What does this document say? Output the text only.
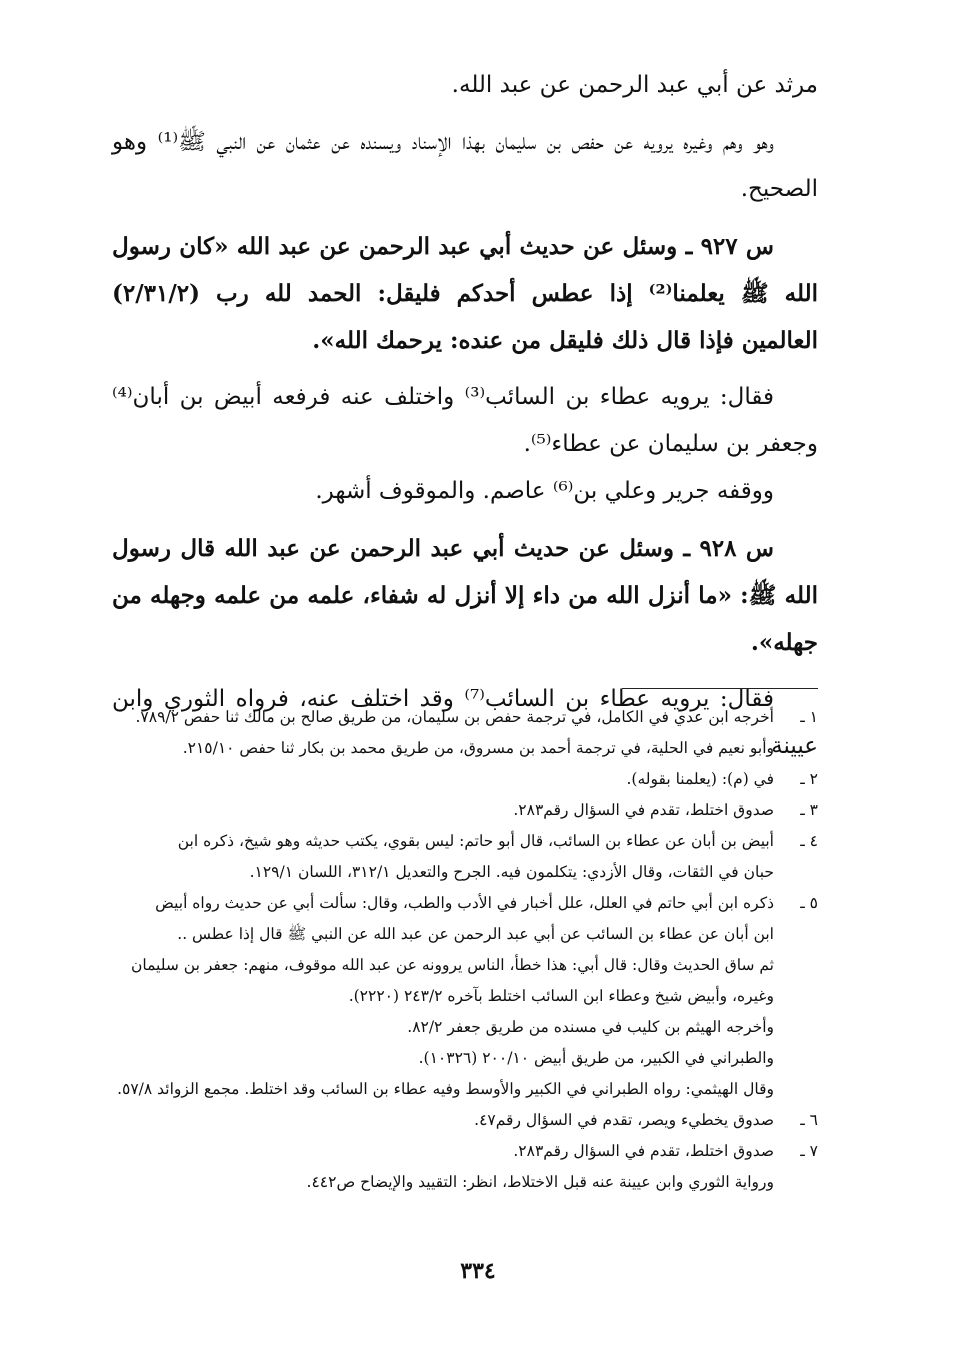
مرثد عن أبي عبد الرحمن عن عبد الله.

وهو وهم وغيره يرويه عن حفص بن سليمان بهذا الإسناد ويسنده عن عثمان عن النبي ﷺ⁽¹⁾ وهو الصحيح.

س ٩٢٧ ـ وسئل عن حديث أبي عبد الرحمن عن عبد الله «كان رسول الله ﷺ يعلمنا⁽²⁾ إذا عطس أحدكم فليقل: الحمد لله رب (٢/٣١/٢) العالمين فإذا قال ذلك فليقل من عنده: يرحمك الله».

فقال: يرويه عطاء بن السائب⁽³⁾ واختلف عنه فرفعه أبيض بن أبان⁽⁴⁾ وجعفر بن سليمان عن عطاء⁽⁵⁾.

ووقفه جرير وعلي بن⁽⁶⁾ عاصم. والموقوف أشهر.

س ٩٢٨ ـ وسئل عن حديث أبي عبد الرحمن عن عبد الله قال رسول الله ﷺ: «ما أنزل الله من داء إلا أنزل له شفاء، علمه من علمه وجهله من جهله».

فقال: يرويه عطاء بن السائب⁽⁷⁾ وقد اختلف عنه، فرواه الثوري وابن عيينة

١ ـ
أخرجه ابن عدي في الكامل، في ترجمة حفص بن سليمان، من طريق صالح بن مالك ثنا حفص ٧٨٩/٢.
وأبو نعيم في الحلية، في ترجمة أحمد بن مسروق، من طريق محمد بن بكار ثنا حفص ٢١٥/١٠.
٢ ـ
في (م): (يعلمنا بقوله).
٣ ـ
صدوق اختلط، تقدم في السؤال رقم٢٨٣.
٤ ـ
أبيض بن أبان عن عطاء بن السائب، قال أبو حاتم: ليس بقوي، يكتب حديثه وهو شيخ، ذكره ابن
حبان في الثقات، وقال الأزدي: يتكلمون فيه. الجرح والتعديل ٣١٢/١، اللسان ١٢٩/١.
٥ ـ
ذكره ابن أبي حاتم في العلل، علل أخبار في الأدب والطب، وقال: سألت أبي عن حديث رواه أبيض
ابن أبان عن عطاء بن السائب عن أبي عبد الرحمن عن عبد الله عن النبي ﷺ قال إذا عطس ..
ثم ساق الحديث وقال: قال أبي: هذا خطأ، الناس يروونه عن عبد الله موقوف، منهم: جعفر بن سليمان
وغيره، وأبيض شيخ وعطاء ابن السائب اختلط بآخره ٢٤٣/٢ (٢٢٢٠).
وأخرجه الهيثم بن كليب في مسنده من طريق جعفر ٨٢/٢.
والطبراني في الكبير، من طريق أبيض ٢٠٠/١٠ (١٠٣٢٦).
وقال الهيثمي: رواه الطبراني في الكبير والأوسط وفيه عطاء بن السائب وقد اختلط. مجمع الزوائد ٥٧/٨.
٦ ـ
صدوق يخطيء ويصر، تقدم في السؤال رقم٤٧.
٧ ـ
صدوق اختلط، تقدم في السؤال رقم٢٨٣.
ورواية الثوري وابن عيينة عنه قبل الاختلاط، انظر: التقييد والإيضاح ص٤٤٢.
٣٣٤
